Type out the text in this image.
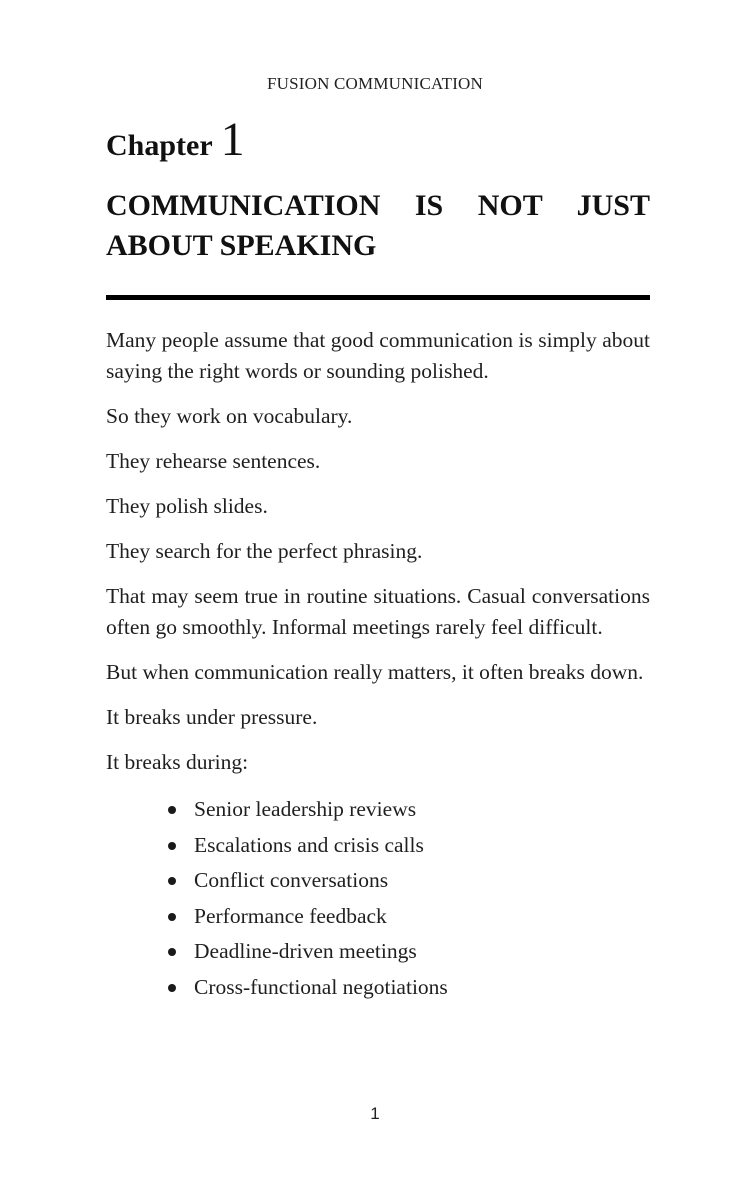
FUSION COMMUNICATION
Chapter 1
COMMUNICATION IS NOT JUST ABOUT SPEAKING

Many people assume that good communication is simply about saying the right words or sounding polished.

So they work on vocabulary.

They rehearse sentences.

They polish slides.

They search for the perfect phrasing.

That may seem true in routine situations. Casual conversations often go smoothly. Informal meetings rarely feel difficult.

But when communication really matters, it often breaks down.

It breaks under pressure.

It breaks during:

Senior leadership reviews
Escalations and crisis calls
Conflict conversations
Performance feedback
Deadline-driven meetings
Cross-functional negotiations
1
